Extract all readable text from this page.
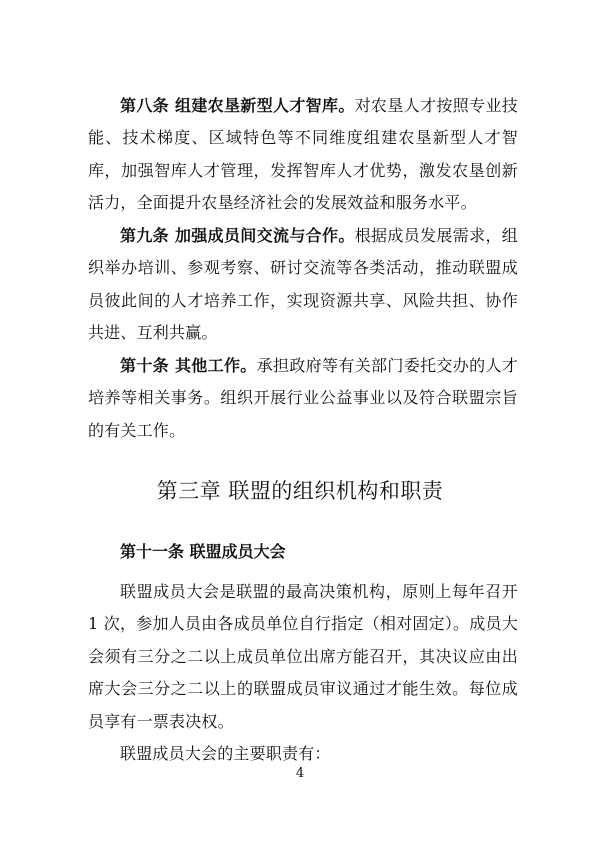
第八条 组建农垦新型人才智库。对农垦人才按照专业技能、技术梯度、区域特色等不同维度组建农垦新型人才智库，加强智库人才管理，发挥智库人才优势，激发农垦创新活力，全面提升农垦经济社会的发展效益和服务水平。

第九条 加强成员间交流与合作。根据成员发展需求，组织举办培训、参观考察、研讨交流等各类活动，推动联盟成员彼此间的人才培养工作，实现资源共享、风险共担、协作共进、互利共赢。

第十条 其他工作。承担政府等有关部门委托交办的人才培养等相关事务。组织开展行业公益事业以及符合联盟宗旨的有关工作。

第三章 联盟的组织机构和职责
第十一条 联盟成员大会

联盟成员大会是联盟的最高决策机构，原则上每年召开 1 次，参加人员由各成员单位自行指定（相对固定）。成员大会须有三分之二以上成员单位出席方能召开，其决议应由出席大会三分之二以上的联盟成员审议通过才能生效。每位成员享有一票表决权。

联盟成员大会的主要职责有：

4
